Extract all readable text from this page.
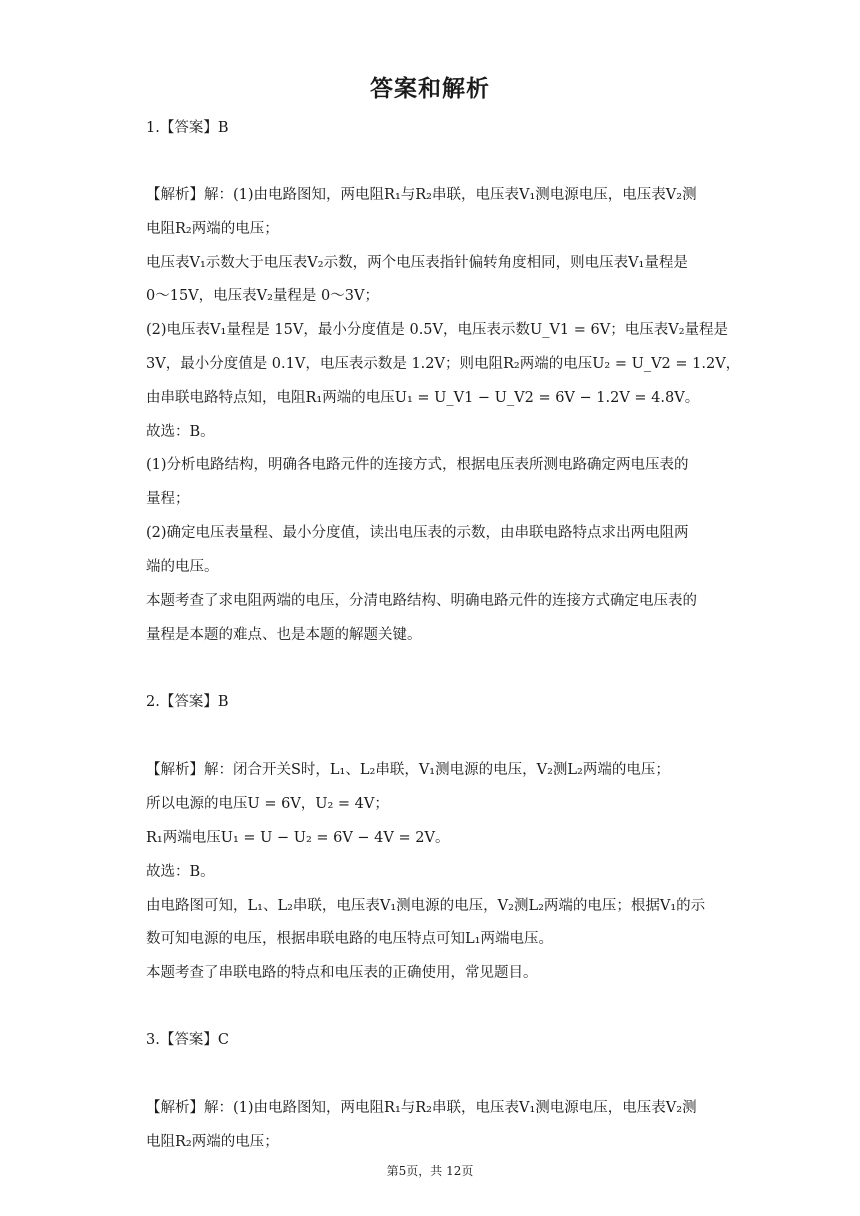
答案和解析
1.【答案】B
【解析】解：(1)由电路图知，两电阻R₁与R₂串联，电压表V₁测电源电压，电压表V₂测
电阻R₂两端的电压；
电压表V₁示数大于电压表V₂示数，两个电压表指针偏转角度相同，则电压表V₁量程是
0～15V，电压表V₂量程是 0～3V；
(2)电压表V₁量程是 15V，最小分度值是 0.5V，电压表示数U_V1 = 6V；电压表V₂量程是
3V，最小分度值是 0.1V，电压表示数是 1.2V；则电阻R₂两端的电压U₂ = U_V2 = 1.2V，
由串联电路特点知，电阻R₁两端的电压U₁ = U_V1 − U_V2 = 6V − 1.2V = 4.8V。
故选：B。
(1)分析电路结构，明确各电路元件的连接方式，根据电压表所测电路确定两电压表的
量程；
(2)确定电压表量程、最小分度值，读出电压表的示数，由串联电路特点求出两电阻两
端的电压。
本题考查了求电阻两端的电压，分清电路结构、明确电路元件的连接方式确定电压表的
量程是本题的难点、也是本题的解题关键。
2.【答案】B
【解析】解：闭合开关S时，L₁、L₂串联，V₁测电源的电压，V₂测L₂两端的电压；
所以电源的电压U = 6V，U₂ = 4V；
R₁两端电压U₁ = U − U₂ = 6V − 4V = 2V。
故选：B。
由电路图可知，L₁、L₂串联，电压表V₁测电源的电压，V₂测L₂两端的电压；根据V₁的示
数可知电源的电压，根据串联电路的电压特点可知L₁两端电压。
本题考查了串联电路的特点和电压表的正确使用，常见题目。
3.【答案】C
【解析】解：(1)由电路图知，两电阻R₁与R₂串联，电压表V₁测电源电压，电压表V₂测
电阻R₂两端的电压；
第5页，共 12页
